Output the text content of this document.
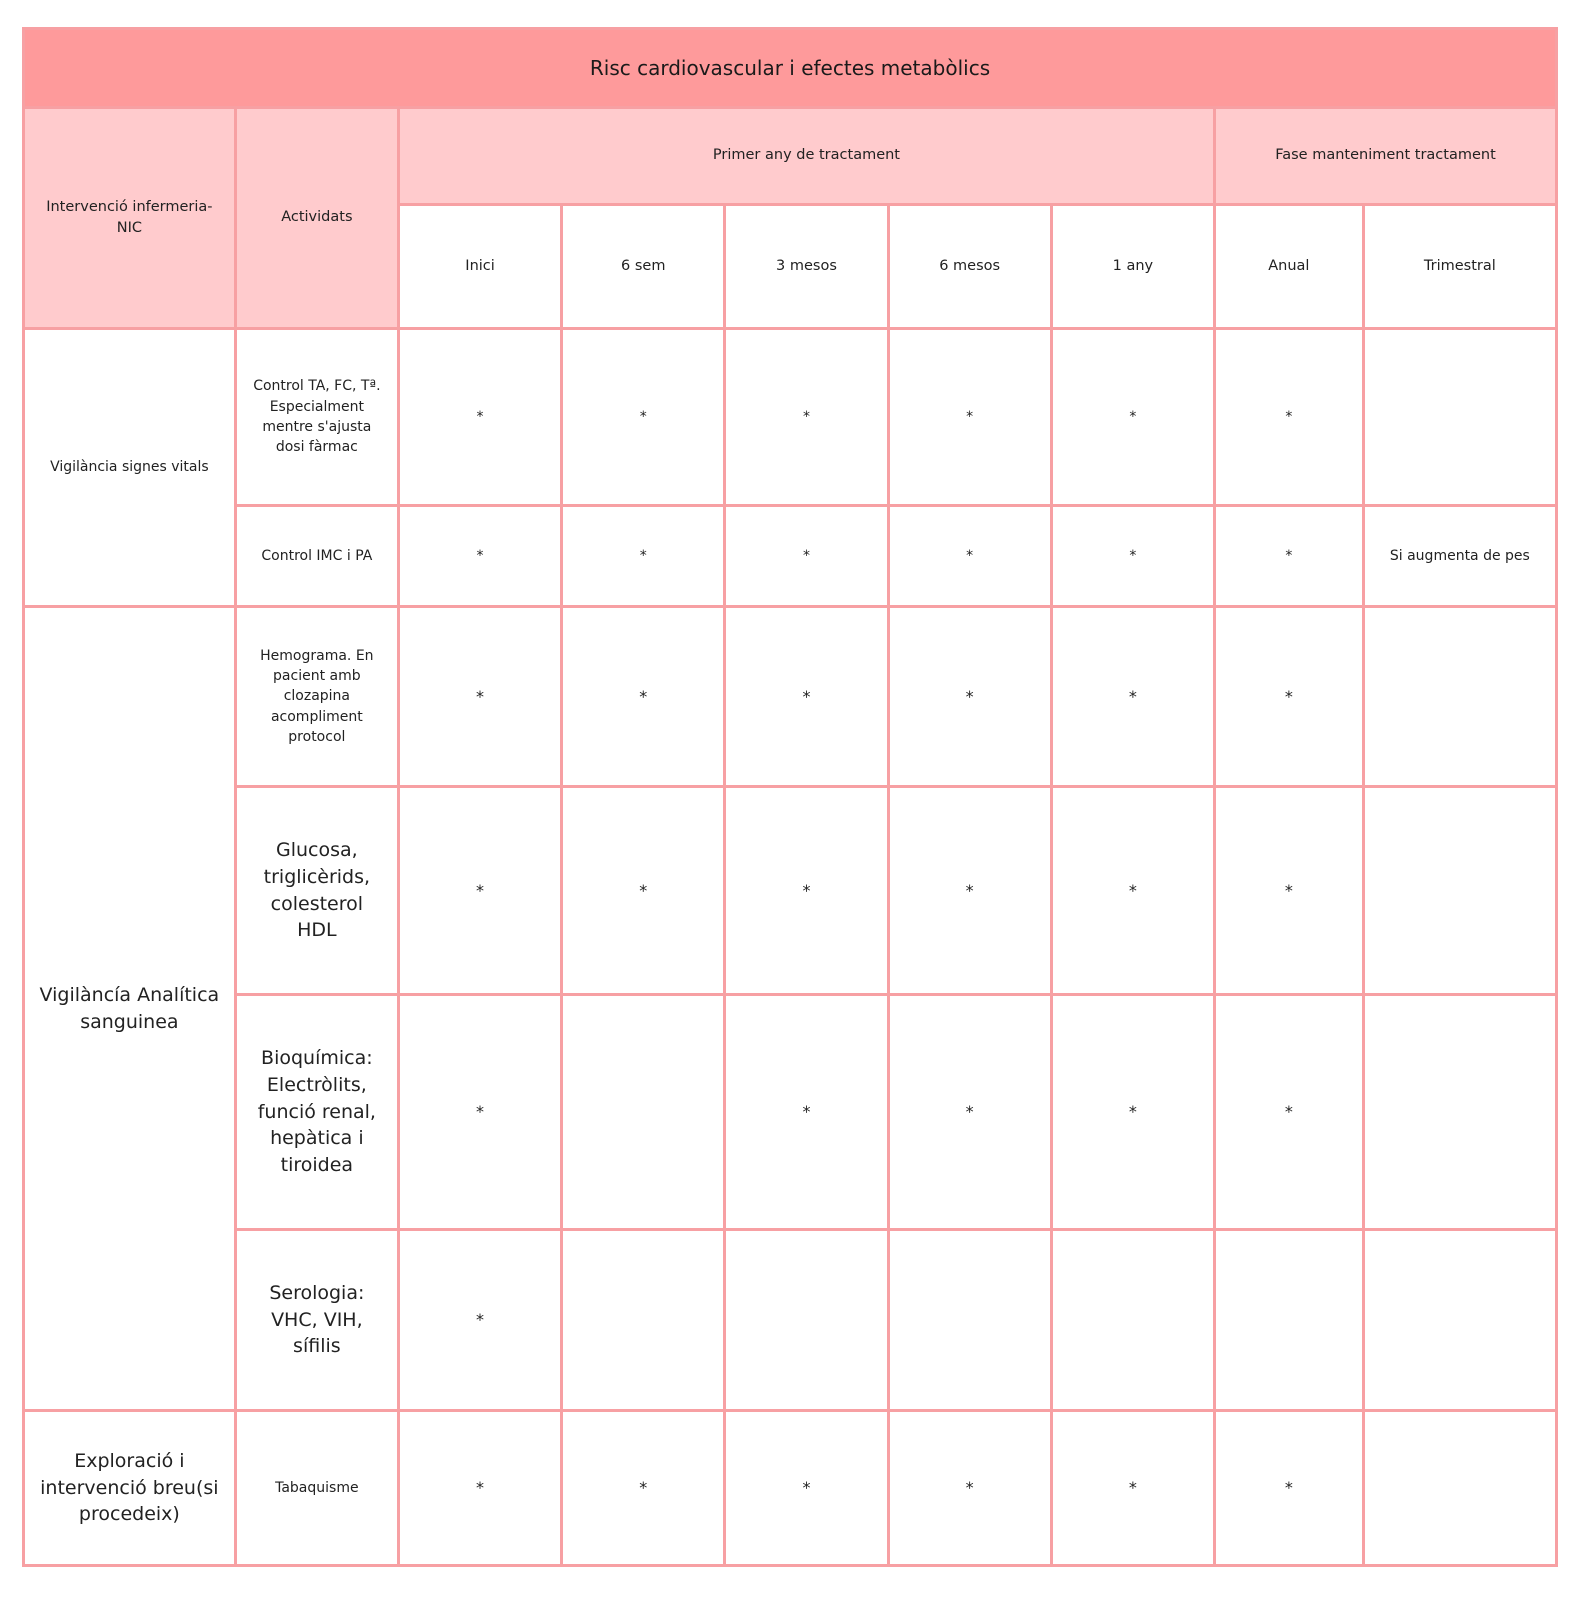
Risc cardiovascular i efectes metabòlics								
Intervenció infermeria-NIC	Actividats	Primer any de tractament					Fase manteniment tractament	
		Inici	6 sem	3 mesos	6 mesos	1 any	Anual	Trimestral
Vigilància signes vitals	Control TA, FC, Tª. Especialment mentre s'ajusta dosi fàrmac	*	*	*	*	*	*	
	Control IMC i PA	*	*	*	*	*	*	Si augmenta de pes
Vigilàncía Analítica sanguinea	Hemograma. En pacient amb clozapina acompliment protocol	*	*	*	*	*	*	
	Glucosa, triglicèrids, colesterol HDL	*	*	*	*	*	*	
	Bioquímica: Electròlits, funció renal, hepàtica i tiroidea	*		*	*	*	*	
	Serologia: VHC, VIH, sífilis	*						
Exploració i intervenció breu(si procedeix)	Tabaquisme	*	*	*	*	*	*	
